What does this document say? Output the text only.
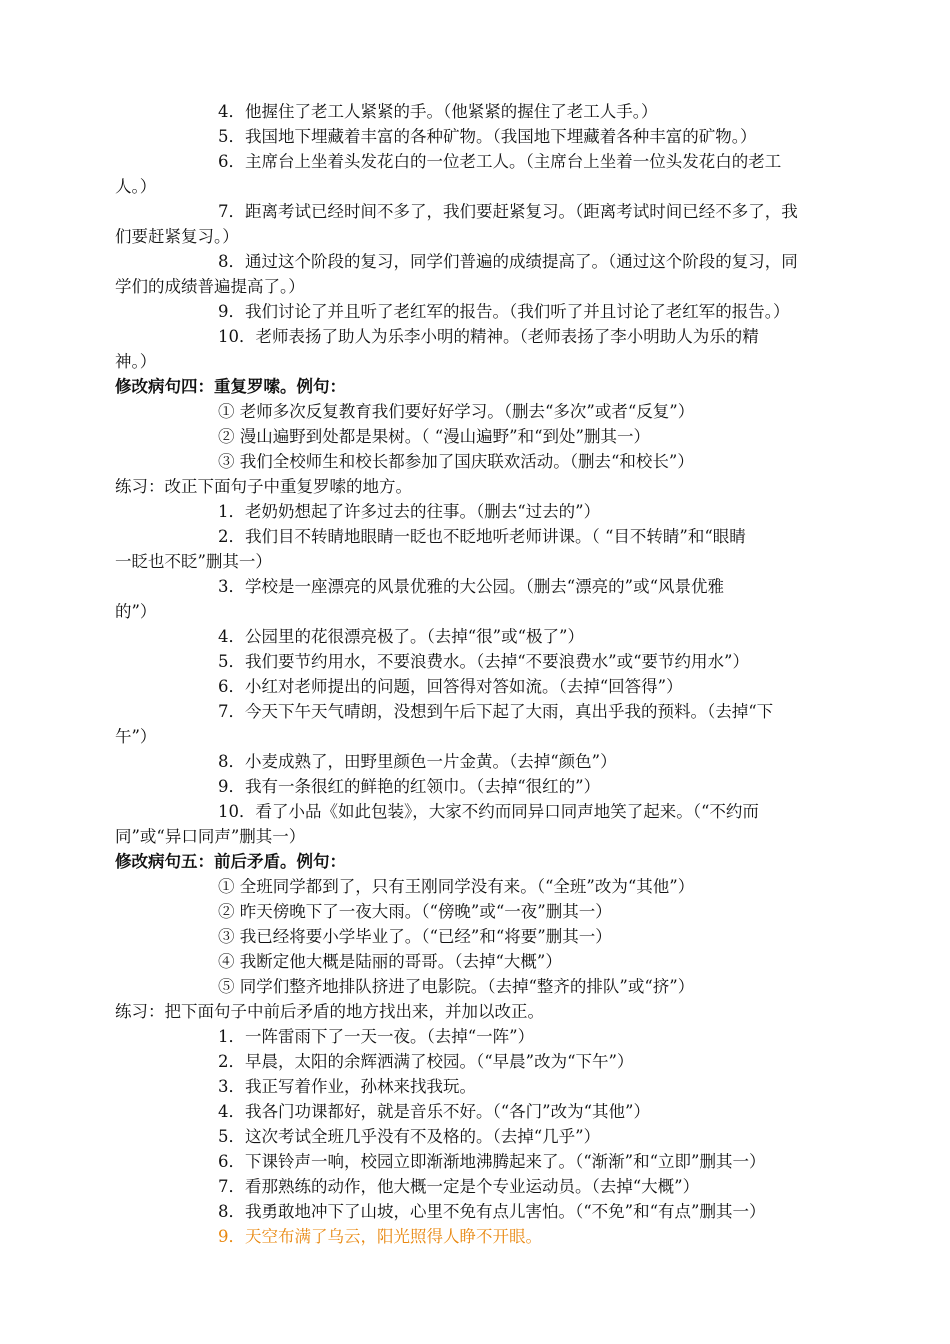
4．他握住了老工人紧紧的手。（他紧紧的握住了老工人手。）
5．我国地下埋藏着丰富的各种矿物。（我国地下埋藏着各种丰富的矿物。）
6．主席台上坐着头发花白的一位老工人。（主席台上坐着一位头发花白的老工
人。）
7．距离考试已经时间不多了，我们要赶紧复习。（距离考试时间已经不多了，我
们要赶紧复习。）
8．通过这个阶段的复习，同学们普遍的成绩提高了。（通过这个阶段的复习，同
学们的成绩普遍提高了。）
9．我们讨论了并且听了老红军的报告。（我们听了并且讨论了老红军的报告。）
10．老师表扬了助人为乐李小明的精神。（老师表扬了李小明助人为乐的精
神。）
修改病句四：重复罗嗦。例句：
① 老师多次反复教育我们要好好学习。（删去“多次”或者“反复”）
② 漫山遍野到处都是果树。（ “漫山遍野”和“到处”删其一）
③ 我们全校师生和校长都参加了国庆联欢活动。（删去“和校长”）
练习：改正下面句子中重复罗嗦的地方。
1．老奶奶想起了许多过去的往事。（删去“过去的”）
2．我们目不转睛地眼睛一眨也不眨地听老师讲课。（ “目不转睛”和“眼睛
一眨也不眨”删其一）
3．学校是一座漂亮的风景优雅的大公园。（删去“漂亮的”或“风景优雅
的”）
4．公园里的花很漂亮极了。（去掉“很”或“极了”）
5．我们要节约用水，不要浪费水。（去掉“不要浪费水”或“要节约用水”）
6．小红对老师提出的问题，回答得对答如流。（去掉“回答得”）
7．今天下午天气晴朗，没想到午后下起了大雨，真出乎我的预料。（去掉“下
午”）
8．小麦成熟了，田野里颜色一片金黄。（去掉“颜色”）
9．我有一条很红的鲜艳的红领巾。（去掉“很红的”）
10．看了小品《如此包装》，大家不约而同异口同声地笑了起来。（“不约而
同”或“异口同声”删其一）
修改病句五：前后矛盾。例句：
① 全班同学都到了，只有王刚同学没有来。（“全班”改为“其他”）
② 昨天傍晚下了一夜大雨。（“傍晚”或“一夜”删其一）
③ 我已经将要小学毕业了。（“已经”和“将要”删其一）
④ 我断定他大概是陆丽的哥哥。（去掉“大概”）
⑤ 同学们整齐地排队挤进了电影院。（去掉“整齐的排队”或“挤”）
练习：把下面句子中前后矛盾的地方找出来，并加以改正。
1．一阵雷雨下了一天一夜。（去掉“一阵”）
2．早晨，太阳的余辉洒满了校园。（“早晨”改为“下午”）
3．我正写着作业，孙林来找我玩。
4．我各门功课都好，就是音乐不好。（“各门”改为“其他”）
5．这次考试全班几乎没有不及格的。（去掉“几乎”）
6．下课铃声一响，校园立即渐渐地沸腾起来了。（“渐渐”和“立即”删其一）
7．看那熟练的动作，他大概一定是个专业运动员。（去掉“大概”）
8．我勇敢地冲下了山坡，心里不免有点儿害怕。（“不免”和“有点”删其一）
9．天空布满了乌云，阳光照得人睁不开眼。
